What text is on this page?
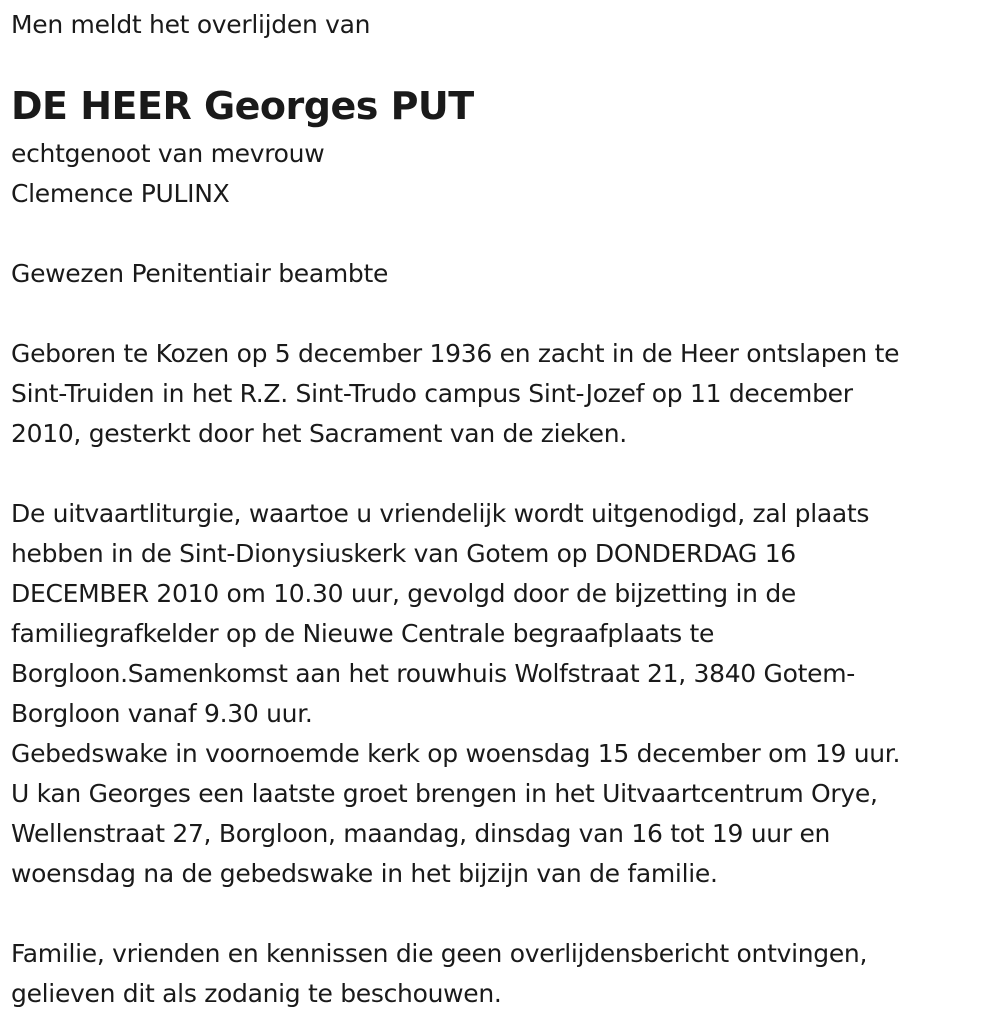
Men meldt het overlijden van
DE HEER Georges PUT
echtgenoot van mevrouw
Clemence PULINX
Gewezen Penitentiair beambte
Geboren te Kozen op 5 december 1936 en zacht in de Heer ontslapen te
Sint-Truiden in het R.Z. Sint-Trudo campus Sint-Jozef op 11 december
2010, gesterkt door het Sacrament van de zieken.
De uitvaartliturgie, waartoe u vriendelijk wordt uitgenodigd, zal plaats
hebben in de Sint-Dionysiuskerk van Gotem op DONDERDAG 16
DECEMBER 2010 om 10.30 uur, gevolgd door de bijzetting in de
familiegrafkelder op de Nieuwe Centrale begraafplaats te
Borgloon.Samenkomst aan het rouwhuis Wolfstraat 21, 3840 Gotem-
Borgloon vanaf 9.30 uur.
Gebedswake in voornoemde kerk op woensdag 15 december om 19 uur.
U kan Georges een laatste groet brengen in het Uitvaartcentrum Orye,
Wellenstraat 27, Borgloon, maandag, dinsdag van 16 tot 19 uur en
woensdag na de gebedswake in het bijzijn van de familie.
Familie, vrienden en kennissen die geen overlijdensbericht ontvingen,
gelieven dit als zodanig te beschouwen.
